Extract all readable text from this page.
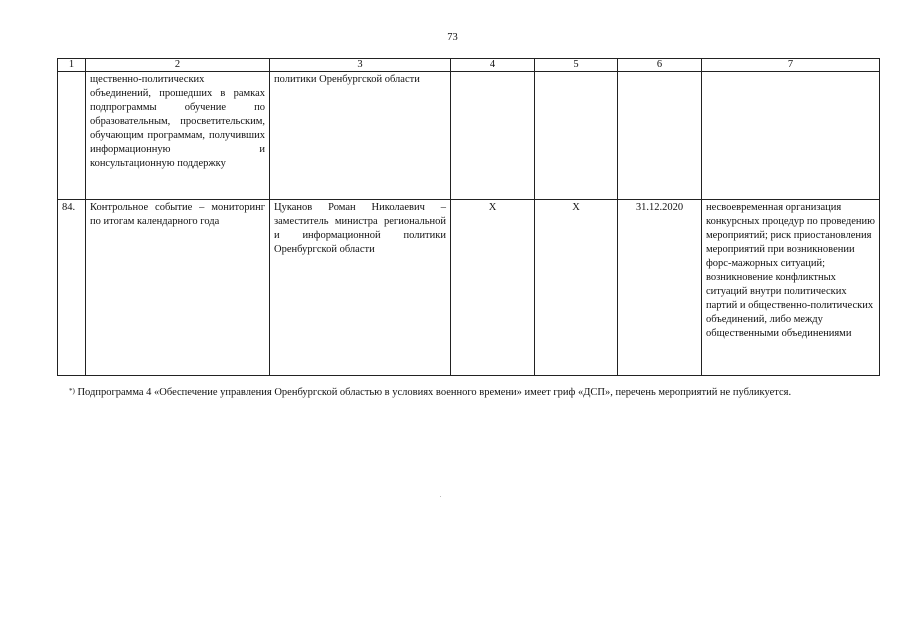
73
1	2	3	4	5	6	7
	щественно-политических объединений, прошедших в рамках подпрограммы обучение по образовательным, просветительским, обучающим программам, получивших информационную и консультационную поддержку	политики Оренбургской области				
84.	Контрольное событие – мониторинг по итогам календарного года	Цуканов Роман Николаевич – заместитель министра региональной и информационной политики Оренбургской области	Х	Х	31.12.2020	несвоевременная организация конкурсных процедур по проведению мероприятий; риск приостановления мероприятий при возникновении форс-мажорных ситуаций; возникновение конфликтных ситуаций внутри политических партий и общественно-политических объединений, либо между общественными объединениями
*) Подпрограмма 4 «Обеспечение управления Оренбургской областью в условиях военного времени» имеет гриф «ДСП», перечень мероприятий не публикуется.
